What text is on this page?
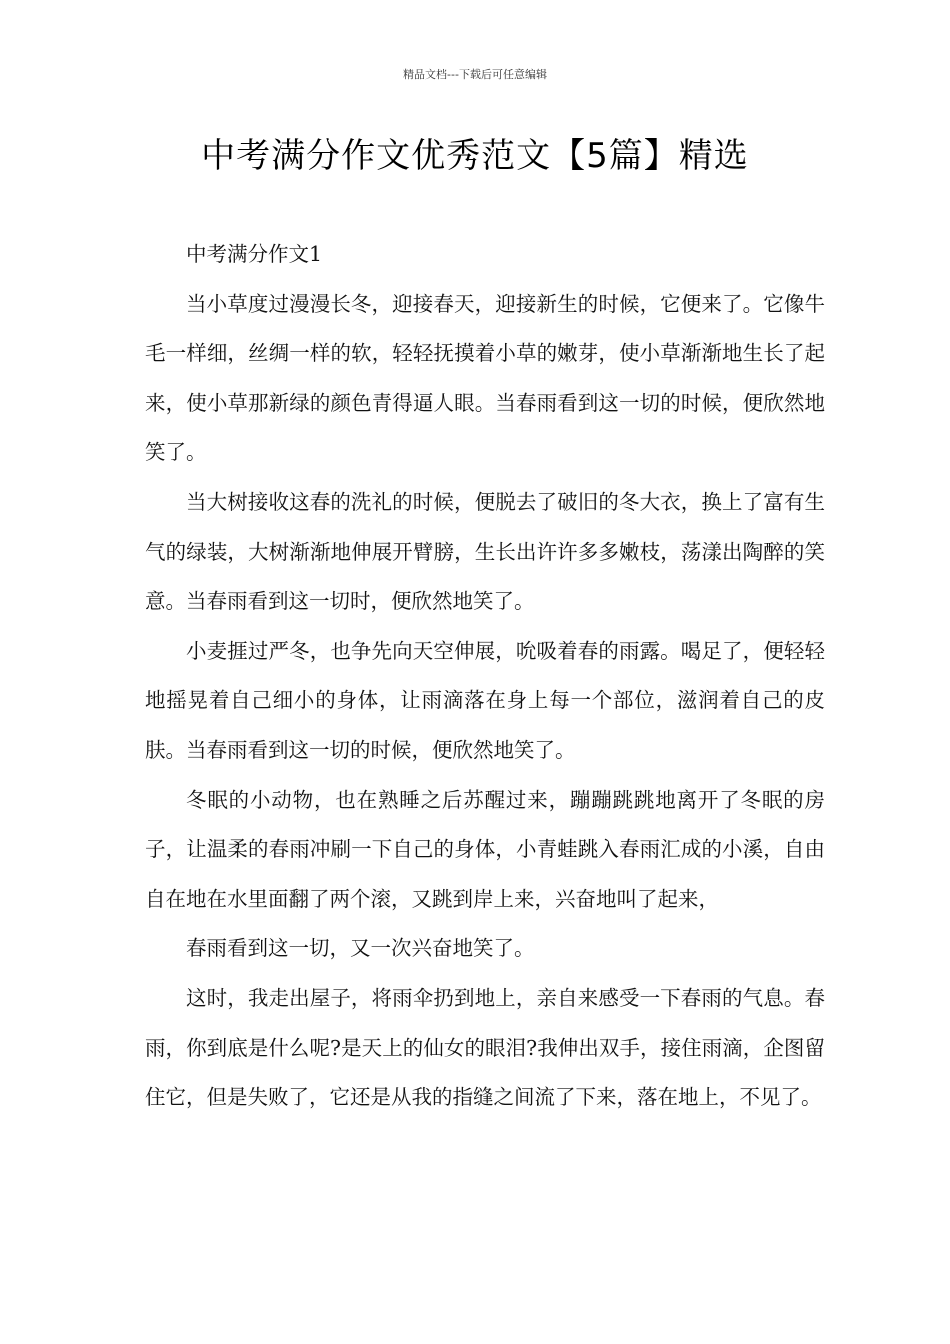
精品文档---下载后可任意编辑
中考满分作文优秀范文【5篇】精选

中考满分作文1

当小草度过漫漫长冬，迎接春天，迎接新生的时候，它便来了。它像牛毛一样细，丝绸一样的软，轻轻抚摸着小草的嫩芽，使小草渐渐地生长了起来，使小草那新绿的颜色青得逼人眼。当春雨看到这一切的时候，便欣然地笑了。

当大树接收这春的洗礼的时候，便脱去了破旧的冬大衣，换上了富有生气的绿装，大树渐渐地伸展开臂膀，生长出许许多多嫩枝，荡漾出陶醉的笑意。当春雨看到这一切时，便欣然地笑了。

小麦捱过严冬，也争先向天空伸展，吮吸着春的雨露。喝足了，便轻轻地摇晃着自己细小的身体，让雨滴落在身上每一个部位，滋润着自己的皮肤。当春雨看到这一切的时候，便欣然地笑了。

冬眠的小动物，也在熟睡之后苏醒过来，蹦蹦跳跳地离开了冬眠的房子，让温柔的春雨冲刷一下自己的身体，小青蛙跳入春雨汇成的小溪，自由自在地在水里面翻了两个滚，又跳到岸上来，兴奋地叫了起来，

春雨看到这一切，又一次兴奋地笑了。

这时，我走出屋子，将雨伞扔到地上，亲自来感受一下春雨的气息。春雨，你到底是什么呢?是天上的仙女的眼泪?我伸出双手，接住雨滴，企图留住它，但是失败了，它还是从我的指缝之间流了下来，落在地上，不见了。
